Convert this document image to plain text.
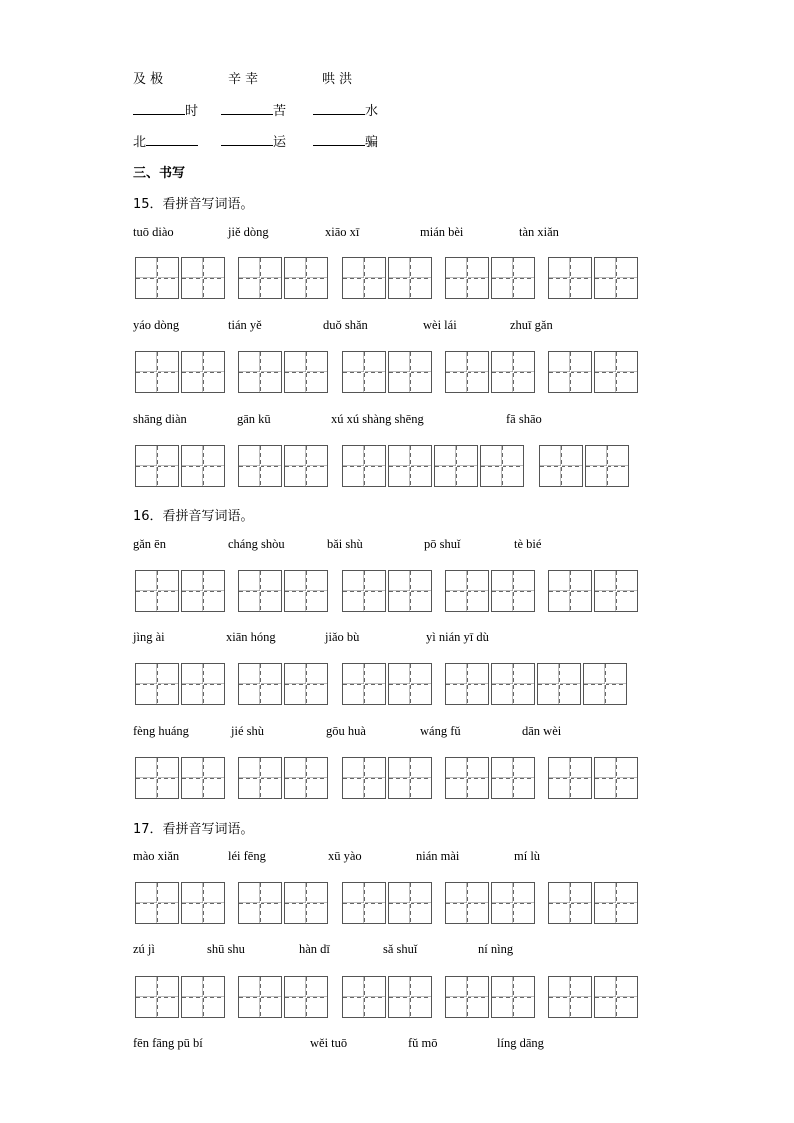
及 极	辛 幸	哄 洪
时	苦	水
北	运	骗
三、书写
15．看拼音写词语。
tuō diào	jiě dòng	xiāo xī	mián bèi	tàn xiǎn
yáo dòng	tián yě	duǒ shǎn	wèi lái	zhuī gǎn
shāng diàn	gān kū	xú xú shàng shēng	fā shāo
16．看拼音写词语。
gǎn ēn	cháng shòu	bǎi shù	pō shuǐ	tè bié
jìng ài	xiān hóng	jiǎo bù	yì nián yī dù
fèng huáng	jié shù	gōu huà	wáng fǔ	dān wèi
17．看拼音写词语。
mào xiǎn	léi fēng	xū yào	nián mài	mí lù
zú jì	shū shu	hàn dī	sǎ shuǐ	ní nìng
fēn fāng pū bí	wěi tuō	fǔ mō	líng dāng
